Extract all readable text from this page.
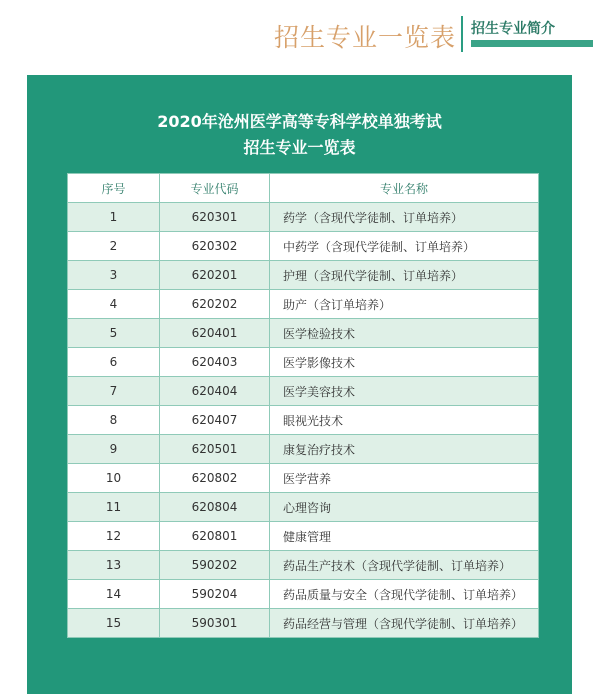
招生专业一览表 招生专业简介
2020年沧州医学高等专科学校单独考试
招生专业一览表
序号	专业代码	专业名称
1	620301	药学（含现代学徒制、订单培养）
2	620302	中药学（含现代学徒制、订单培养）
3	620201	护理（含现代学徒制、订单培养）
4	620202	助产（含订单培养）
5	620401	医学检验技术
6	620403	医学影像技术
7	620404	医学美容技术
8	620407	眼视光技术
9	620501	康复治疗技术
10	620802	医学营养
11	620804	心理咨询
12	620801	健康管理
13	590202	药品生产技术（含现代学徒制、订单培养）
14	590204	药品质量与安全（含现代学徒制、订单培养）
15	590301	药品经营与管理（含现代学徒制、订单培养）
